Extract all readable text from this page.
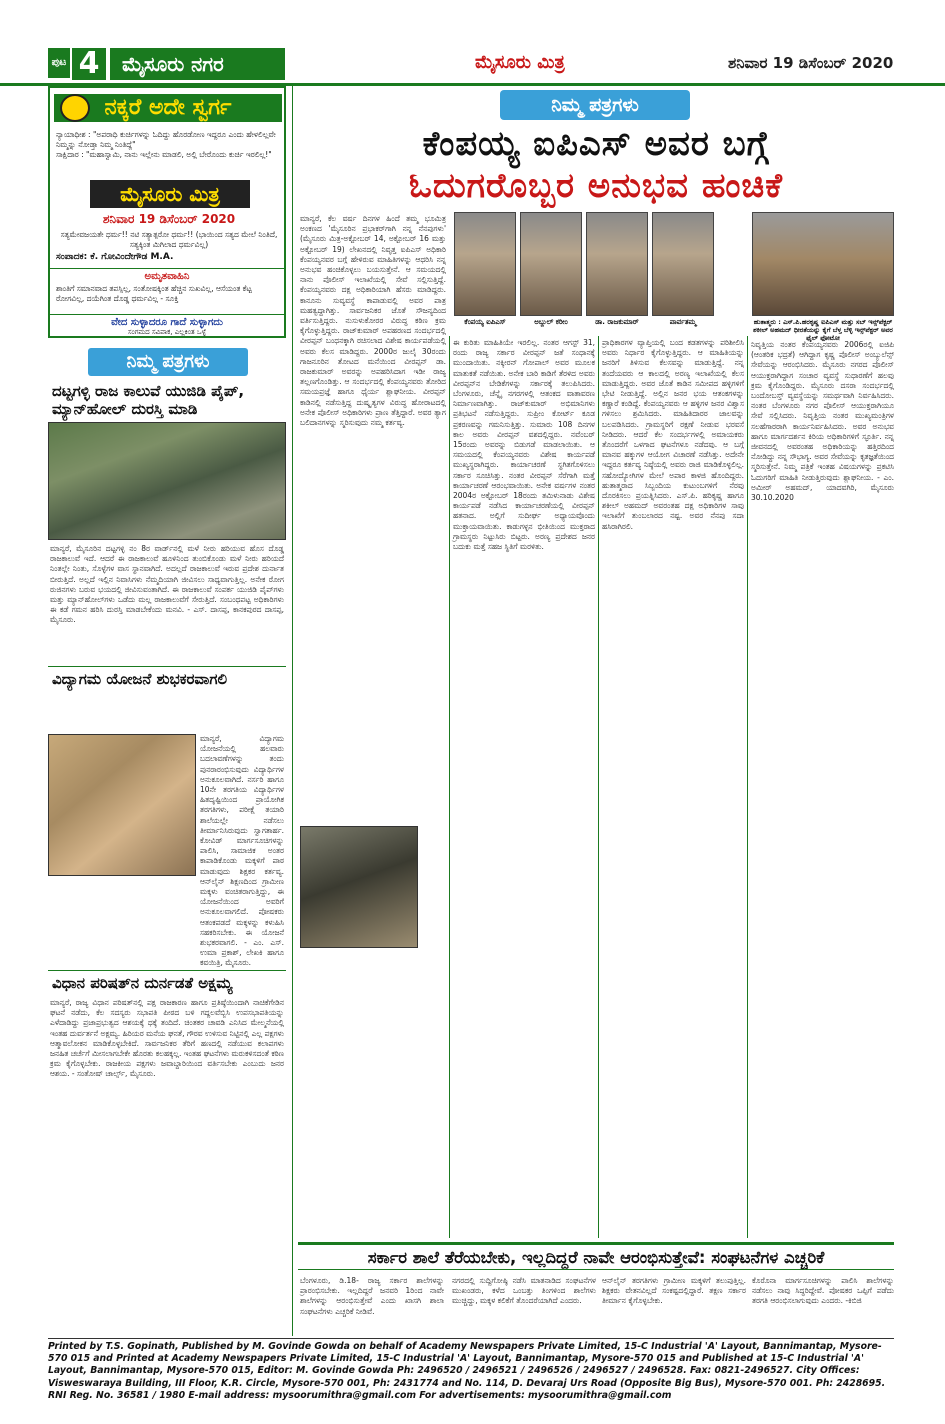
ಪುಟ 4	ಮೈಸೂರು ನಗರ	ಮೈಸೂರು ಮಿತ್ರ	ಶನಿವಾರ 19 ಡಿಸೆಂಬರ್ 2020
ನಕ್ಕರೆ ಅದೇ ಸ್ವರ್ಗ
ನ್ಯಾಯಾಧೀಶ : "ಅಪರಾಧಿ ಕುರ್ಚಿಗಳನ್ನು ಓದಿದ್ದು ಹೊರಡೋಣ ಇದ್ದರೂ ಎಂದು ಹೇಳಲಿಲ್ಲವೇ ನಿಮ್ಮನ್ನು ನೋಡ್ತಾ ನಿಮ್ಮ ನಿಂತಿದ್ದೆ"
ಸಾಕ್ಷಿದಾರ : "ಮಹಾಸ್ವಾಮಿ, ನಾನು ಇಲ್ಲೇನು ಮಾಡಲಿ, ಅಲ್ಲಿ ಬೇರೊಂದು ಕುರ್ಚಿ ಇರಲಿಲ್ಲ!"
ಮೈಸೂರು ಮಿತ್ರ
ಶನಿವಾರ 19 ಡಿಸೆಂಬರ್ 2020
ಸತ್ಯಮೇವಜಯತೇ ಧರ್ಮ!! ನಟಿ ಸತ್ಯಾತ್ಪರೋ ಧರ್ಮ!! (ಭಾಯಿಂದ ಸತ್ಯದ ಮೇಲೆ ನಿಂತಿದೆ, ಸತ್ಯಕ್ಕಿಂತ ಮಿಗಿಲಾದ ಧರ್ಮವಿಲ್ಲ)
ಸಂಪಾದಕ: ಕೆ. ಗೋವಿಂದೇಗೌಡ M.A.
ಅಮೃತವಾಹಿನಿ
ಶಾಂತಿಗೆ ಸಮಾನವಾದ ತಪಸ್ಸಿಲ್ಲ, ಸಂತೋಷಕ್ಕಿಂತ ಹೆಚ್ಚಿನ ಸುಖವಿಲ್ಲ, ಆಸೆಯಂತ ಕೆಟ್ಟ ರೋಗವಿಲ್ಲ, ದಯೆಗಿಂತ ದೊಡ್ಡ ಧರ್ಮವಿಲ್ಲ - ಸೂಕ್ತಿ
ವೇದ ಸುಳ್ಳಾದರೂ ಗಾದೆ ಸುಳ್ಳಾಗದು
ಸಂಗಮದ ಸವಿಪಾಕ, ಎಲ್ಲಕಿಂತ ಒಳ್ಳೆ
ನಿಮ್ಮ ಪತ್ರಗಳು
ದಟ್ಟಗಳ್ಳಿ ರಾಜ ಕಾಲುವೆ ಯುಜಿಡಿ ಪೈಪ್, ಮ್ಯಾನ್‌ಹೋಲ್ ದುರಸ್ತಿ ಮಾಡಿ
ಮಾನ್ಯರೆ, ಮೈಸೂರಿನ ದಟ್ಟಗಳ್ಳಿ ನಂ 8ರ ವಾರ್ಡ್‌ನಲ್ಲಿ ಮಳೆ ನೀರು ಹರಿಯುವ ಹೊಸ ದೊಡ್ಡ ರಾಜಕಾಲುವೆ ಇದೆ. ಆದರೆ ಈ ರಾಜಕಾಲುವೆ ಹೂಳಿನಿಂದ ತುಂಬಿಕೊಂಡು ಮಳೆ ನೀರು ಹರಿಯದೆ ನಿಂತಲ್ಲೇ ನಿಂತು, ಸೊಳ್ಳೆಗಳ ವಾಸ ಸ್ಥಾನವಾಗಿದೆ. ಅದಲ್ಲದೆ ರಾಜಕಾಲುವೆ ಇರುವ ಪ್ರದೇಶ ದುರ್ನಾತ ಬೀರುತ್ತಿದೆ. ಅಲ್ಲದೆ ಇಲ್ಲಿನ ನಿವಾಸಿಗಳು ನೆಮ್ಮದಿಯಾಗಿ ಜೀವಿಸಲು ಸಾಧ್ಯವಾಗುತ್ತಿಲ್ಲ. ಅನೇಕ ರೋಗ ರುಜಿನಗಳು ಬರುವ ಭಯದಲ್ಲಿ ಜೀವಿಸುವಂತಾಗಿದೆ. ಈ ರಾಜಕಾಲುವೆ ಸಂಪರ್ಕ ಯುಜಿಡಿ ಪೈಪ್‌ಗಳು ಮತ್ತು ಮ್ಯಾನ್‌ಹೋಲ್‌ಗಳು ಒಡೆದು ಮಲ್ಲ ರಾಜಕಾಲುವೆಗೆ ಸೇರುತ್ತಿದೆ. ಸಂಬಂಧಪಟ್ಟ ಅಧಿಕಾರಿಗಳು ಈ ಕಡೆ ಗಮನ ಹರಿಸಿ ದುರಸ್ತಿ ಮಾಡಬೇಕೆಂದು ಮನವಿ. - ಎಸ್. ದಾಸಪ್ಪ, ಕಾನಕಪುರದ ದಾಸಪ್ಪ, ಮೈಸೂರು.
ವಿದ್ಯಾಗಮ ಯೋಜನೆ ಶುಭಕರವಾಗಲಿ
ಮಾನ್ಯರೆ, ವಿದ್ಯಾಗಮ ಯೋಜನೆಯಲ್ಲಿ ಹಲವಾರು ಬದಲಾವಣೆಗಳನ್ನು ತಂದು ಪುನರಾರಂಭಿಸುವುದು ವಿದ್ಯಾರ್ಥಿಗಳ ಅನುಕೂಲವಾಗಿದೆ. ನರ್ಸರಿ ಹಾಗೂ 10ನೇ ತರಗತಿಯ ವಿದ್ಯಾರ್ಥಿಗಳ ಹಿತದೃಷ್ಟಿಯಿಂದ ಪ್ರಾಯೋಗಿಕ ತರಗತಿಗಳು, ಪರೀಕ್ಷೆ ತಯಾರಿ ಶಾಲೆಯಲ್ಲೇ ನಡೆಸಲು ತೀರ್ಮಾನಿಸಿರುವುದು ಸ್ವಾಗತಾರ್ಹ. ಕೋವಿಡ್ ಮಾರ್ಗಸೂಚಿಗಳನ್ನು ಪಾಲಿಸಿ, ಸಾಮಾಜಿಕ ಅಂತರ ಕಾಪಾಡಿಕೊಂಡು ಮಕ್ಕಳಿಗೆ ಪಾಠ ಮಾಡುವುದು ಶಿಕ್ಷಕರ ಕರ್ತವ್ಯ. ಆನ್‌ಲೈನ್ ಶಿಕ್ಷಣದಿಂದ ಗ್ರಾಮೀಣ ಮಕ್ಕಳು ವಂಚಿತರಾಗುತ್ತಿದ್ದು, ಈ ಯೋಜನೆಯಿಂದ ಅವರಿಗೆ ಅನುಕೂಲವಾಗಲಿದೆ. ಪೋಷಕರು ಆತಂಕಪಡದೆ ಮಕ್ಕಳನ್ನು ಕಳುಹಿಸಿ ಸಹಕರಿಸಬೇಕು. ಈ ಯೋಜನೆ ಶುಭಕರವಾಗಲಿ. - ಎಂ. ಎಸ್. ಉಮಾ ಪ್ರಕಾಶ್, ಲೇಖಕಿ ಹಾಗೂ ಕವಯಿತ್ರಿ, ಮೈಸೂರು.
ವಿಧಾನ ಪರಿಷತ್‌ನ ದುರ್ನಡತೆ ಅಕ್ಷಮ್ಯ
ಮಾನ್ಯರೆ, ರಾಜ್ಯ ವಿಧಾನ ಪರಿಷತ್‌ನಲ್ಲಿ ಪಕ್ಷ ರಾಜಕಾರಣ ಹಾಗೂ ಪ್ರತಿಷ್ಠೆಯಿಂದಾಗಿ ನಾಚಿಕೆಗೇಡಿನ ಘಟನೆ ನಡೆದು, ಕೆಲ ಸದಸ್ಯರು ಸಭಾಪತಿ ಪೀಠದ ಬಳಿ ಗದ್ದಲವೆಬ್ಬಿಸಿ ಉಪಸಭಾಪತಿಯನ್ನು ಎಳೆದಾಡಿದ್ದು ಪ್ರಜಾಪ್ರಭುತ್ವದ ಆಶಯಕ್ಕೆ ಧಕ್ಕೆ ತಂದಿದೆ. ಚಿಂತಕರ ಚಾವಡಿ ಎನಿಸಿದ ಮೇಲ್ಮನೆಯಲ್ಲಿ ಇಂತಹ ದುರ್ವರ್ತನೆ ಅಕ್ಷಮ್ಯ. ಹಿರಿಯರ ಮನೆಯ ಘನತೆ, ಗೌರವ ಉಳಿಸುವ ನಿಟ್ಟಿನಲ್ಲಿ ಎಲ್ಲ ಪಕ್ಷಗಳು ಆತ್ಮಾವಲೋಕನ ಮಾಡಿಕೊಳ್ಳಬೇಕಿದೆ. ಸಾರ್ವಜನಿಕರ ತೆರಿಗೆ ಹಣದಲ್ಲಿ ನಡೆಯುವ ಕಲಾಪಗಳು ಜನಹಿತ ಚರ್ಚೆಗೆ ಮೀಸಲಾಗಬೇಕೇ ಹೊರತು ಕಲಹಕ್ಕಲ್ಲ. ಇಂತಹ ಘಟನೆಗಳು ಮರುಕಳಿಸದಂತೆ ಕಠಿಣ ಕ್ರಮ ಕೈಗೊಳ್ಳಬೇಕು. ರಾಜಕೀಯ ಪಕ್ಷಗಳು ಜವಾಬ್ದಾರಿಯಿಂದ ವರ್ತಿಸಬೇಕು ಎಂಬುದು ಜನರ ಆಶಯ. - ಸಂತೋಷ್ ಚಾರ್ಲ್ಸ್, ಮೈಸೂರು.
ನಿಮ್ಮ ಪತ್ರಗಳು
ಕೆಂಪಯ್ಯ ಐಪಿಎಸ್ ಅವರ ಬಗ್ಗೆ
ಓದುಗರೊಬ್ಬರ ಅನುಭವ ಹಂಚಿಕೆ
ಕೆಂಪಯ್ಯ ಐಪಿಎಸ್	ಅಬ್ದುಲ್ ಕರೀಂ	ಡಾ. ರಾಜಕುಮಾರ್	ಪಾರ್ವತಮ್ಮ	ಹುತಾತ್ಮರು : ಎಸ್.ಪಿ.ಹರಕೃಷ್ಣ ಐಪಿಎಸ್ ಮತ್ತು ಸಬ್ ಇನ್ಸ್‌ಪೆಕ್ಟರ್ ಶಕೀಲ್ ಅಹಮದ್ ಧೀರತೆಯನ್ನು ಕೈಗೆ ಬೆಳ್ತ ಬೆಳ್ಳಿ ಇನ್ಸ್‌ಪೆಕ್ಟರ್ ಅವರ ಫೈಲ್ ಫೋಟೋ
ಮಾನ್ಯರೆ, ಕೆಲ ವರ್ಷ ದಿನಗಳ ಹಿಂದೆ ತಮ್ಮ ಭೂಮಿತ್ರ ಅಂಕಣದ 'ಮೈಸೂರಿನ ಪ್ರಭಾಕರ್‌ಗಾಗಿ ನನ್ನ ನೆನಪುಗಳು' (ಮೈಸೂರು ಮಿತ್ರ-ಅಕ್ಟೋಬರ್ 14, ಅಕ್ಟೋಬರ್ 16 ಮತ್ತು ಅಕ್ಟೋಬರ್ 19) ಲೇಖನದಲ್ಲಿ ನಿವೃತ್ತ ಐಪಿಎಸ್ ಅಧಿಕಾರಿ ಕೆಂಪಯ್ಯನವರ ಬಗ್ಗೆ ಹೇಳಿರುವ ಮಾಹಿತಿಗಳನ್ನು ಆಧರಿಸಿ ನನ್ನ ಅನುಭವ ಹಂಚಿಕೊಳ್ಳಲು ಬಯಸುತ್ತೇನೆ. ಆ ಸಮಯದಲ್ಲಿ ನಾನು ಪೊಲೀಸ್ ಇಲಾಖೆಯಲ್ಲಿ ಸೇವೆ ಸಲ್ಲಿಸುತ್ತಿದ್ದೆ. ಕೆಂಪಯ್ಯನವರು ದಕ್ಷ ಅಧಿಕಾರಿಯಾಗಿ ಹೆಸರು ಮಾಡಿದ್ದರು. ಕಾನೂನು ಸುವ್ಯವಸ್ಥೆ ಕಾಪಾಡುವಲ್ಲಿ ಅವರ ಪಾತ್ರ ಮಹತ್ವದ್ದಾಗಿತ್ತು. ಸಾರ್ವಜನಿಕರ ಜೊತೆ ಸೌಜನ್ಯದಿಂದ ವರ್ತಿಸುತ್ತಿದ್ದರು. ನುಸುಳುಕೋರರ ವಿರುದ್ಧ ಕಠಿಣ ಕ್ರಮ ಕೈಗೊಳ್ಳುತ್ತಿದ್ದರು. ರಾಜ್‌ಕುಮಾರ್ ಅಪಹರಣದ ಸಂದರ್ಭದಲ್ಲಿ ವೀರಪ್ಪನ್ ಬಂಧನಕ್ಕಾಗಿ ರಚಿಸಲಾದ ವಿಶೇಷ ಕಾರ್ಯಪಡೆಯಲ್ಲಿ ಅವರು ಕೆಲಸ ಮಾಡಿದ್ದರು. 2000ರ ಜುಲೈ 30ರಂದು ಗಾಜನೂರಿನ ತೋಟದ ಮನೆಯಿಂದ ವೀರಪ್ಪನ್ ಡಾ. ರಾಜಕುಮಾರ್ ಅವರನ್ನು ಅಪಹರಿಸಿದಾಗ ಇಡೀ ರಾಜ್ಯ ತಲ್ಲಣಗೊಂಡಿತ್ತು. ಆ ಸಂದರ್ಭದಲ್ಲಿ ಕೆಂಪಯ್ಯನವರು ತೋರಿದ ಸಮಯಪ್ರಜ್ಞೆ ಹಾಗೂ ಧೈರ್ಯ ಶ್ಲಾಘನೀಯ. ವೀರಪ್ಪನ್ ಕಾಡಿನಲ್ಲಿ ನಡೆಸುತ್ತಿದ್ದ ದುಷ್ಕೃತ್ಯಗಳ ವಿರುದ್ಧ ಹೋರಾಟದಲ್ಲಿ ಅನೇಕ ಪೊಲೀಸ್ ಅಧಿಕಾರಿಗಳು ಪ್ರಾಣ ತೆತ್ತಿದ್ದಾರೆ. ಅವರ ತ್ಯಾಗ ಬಲಿದಾನಗಳನ್ನು ಸ್ಮರಿಸುವುದು ನಮ್ಮ ಕರ್ತವ್ಯ.
ಈ ಕುರಿತು ಮಾಹಿತಿಯೇ ಇರಲಿಲ್ಲ. ನಂತರ ಆಗಸ್ಟ್ 31, ರಂದು ರಾಜ್ಯ ಸರ್ಕಾರ ವೀರಪ್ಪನ್ ಜತೆ ಸಂಧಾನಕ್ಕೆ ಮುಂದಾಯಿತು. ನಕ್ಕೀರನ್ ಗೋಪಾಲ್ ಅವರ ಮೂಲಕ ಮಾತುಕತೆ ನಡೆಯಿತು. ಅನೇಕ ಬಾರಿ ಕಾಡಿಗೆ ತೆರಳಿದ ಅವರು ವೀರಪ್ಪನ್‌ನ ಬೇಡಿಕೆಗಳನ್ನು ಸರ್ಕಾರಕ್ಕೆ ತಲುಪಿಸಿದರು. ಬೆಂಗಳೂರು, ಚೆನ್ನೈ ನಗರಗಳಲ್ಲಿ ಆತಂಕದ ವಾತಾವರಣ ನಿರ್ಮಾಣವಾಗಿತ್ತು. ರಾಜ್‌ಕುಮಾರ್ ಅಭಿಮಾನಿಗಳು ಪ್ರತಿಭಟನೆ ನಡೆಸುತ್ತಿದ್ದರು. ಸುಪ್ರೀಂ ಕೋರ್ಟ್ ಕೂಡ ಪ್ರಕರಣವನ್ನು ಗಮನಿಸುತ್ತಿತ್ತು. ಸುಮಾರು 108 ದಿನಗಳ ಕಾಲ ಅವರು ವೀರಪ್ಪನ್ ವಶದಲ್ಲಿದ್ದರು. ನವೆಂಬರ್ 15ರಂದು ಅವರನ್ನು ಬಿಡುಗಡೆ ಮಾಡಲಾಯಿತು. ಆ ಸಮಯದಲ್ಲಿ ಕೆಂಪಯ್ಯನವರು ವಿಶೇಷ ಕಾರ್ಯಪಡೆ ಮುಖ್ಯಸ್ಥರಾಗಿದ್ದರು. ಕಾರ್ಯಾಚರಣೆ ಸ್ಥಗಿತಗೊಳಿಸಲು ಸರ್ಕಾರ ಸೂಚಿಸಿತ್ತು. ನಂತರ ವೀರಪ್ಪನ್ ಸೆರೆಗಾಗಿ ಮತ್ತೆ ಕಾರ್ಯಾಚರಣೆ ಆರಂಭವಾಯಿತು. ಅನೇಕ ವರ್ಷಗಳ ನಂತರ 2004ರ ಅಕ್ಟೋಬರ್ 18ರಂದು ತಮಿಳುನಾಡು ವಿಶೇಷ ಕಾರ್ಯಪಡೆ ನಡೆಸಿದ ಕಾರ್ಯಾಚರಣೆಯಲ್ಲಿ ವೀರಪ್ಪನ್ ಹತನಾದ. ಅಲ್ಲಿಗೆ ಸುದೀರ್ಘ ಅಧ್ಯಾಯವೊಂದು ಮುಕ್ತಾಯವಾಯಿತು. ಕಾಡುಗಳ್ಳನ ಭೀತಿಯಿಂದ ಮುಕ್ತರಾದ ಗ್ರಾಮಸ್ಥರು ನಿಟ್ಟುಸಿರು ಬಿಟ್ಟರು. ಅರಣ್ಯ ಪ್ರದೇಶದ ಜನರ ಬದುಕು ಮತ್ತೆ ಸಹಜ ಸ್ಥಿತಿಗೆ ಮರಳಿತು.
ಪ್ರಾಧಿಕಾರಗಳ ವ್ಯಾಪ್ತಿಯಲ್ಲಿ ಬಂದ ಕಡತಗಳನ್ನು ಪರಿಶೀಲಿಸಿ ಅವರು ನಿರ್ಧಾರ ಕೈಗೊಳ್ಳುತ್ತಿದ್ದರು. ಆ ಮಾಹಿತಿಯನ್ನು ಜನರಿಗೆ ತಿಳಿಸುವ ಕೆಲಸವನ್ನು ಮಾಡುತ್ತಿದ್ದೆ. ನನ್ನ ತಂದೆಯವರು ಆ ಕಾಲದಲ್ಲಿ ಅರಣ್ಯ ಇಲಾಖೆಯಲ್ಲಿ ಕೆಲಸ ಮಾಡುತ್ತಿದ್ದರು. ಅವರ ಜೊತೆ ಕಾಡಿನ ಸಮೀಪದ ಹಳ್ಳಿಗಳಿಗೆ ಭೇಟಿ ನೀಡುತ್ತಿದ್ದೆ. ಅಲ್ಲಿನ ಜನರ ಭಯ ಆತಂಕಗಳನ್ನು ಕಣ್ಣಾರೆ ಕಂಡಿದ್ದೆ. ಕೆಂಪಯ್ಯನವರು ಆ ಹಳ್ಳಿಗಳ ಜನರ ವಿಶ್ವಾಸ ಗಳಿಸಲು ಶ್ರಮಿಸಿದರು. ಮಾಹಿತಿದಾರರ ಜಾಲವನ್ನು ಬಲಪಡಿಸಿದರು. ಗ್ರಾಮಸ್ಥರಿಗೆ ರಕ್ಷಣೆ ನೀಡುವ ಭರವಸೆ ನೀಡಿದರು. ಆದರೆ ಕೆಲ ಸಂದರ್ಭಗಳಲ್ಲಿ ಅಮಾಯಕರು ತೊಂದರೆಗೆ ಒಳಗಾದ ಘಟನೆಗಳೂ ನಡೆದವು. ಆ ಬಗ್ಗೆ ಮಾನವ ಹಕ್ಕುಗಳ ಆಯೋಗ ವಿಚಾರಣೆ ನಡೆಸಿತ್ತು. ಅದೇನೇ ಇದ್ದರೂ ಕರ್ತವ್ಯ ನಿಷ್ಠೆಯಲ್ಲಿ ಅವರು ರಾಜಿ ಮಾಡಿಕೊಳ್ಳಲಿಲ್ಲ. ಸಹೋದ್ಯೋಗಿಗಳ ಮೇಲೆ ಅಪಾರ ಕಾಳಜಿ ಹೊಂದಿದ್ದರು. ಹುತಾತ್ಮರಾದ ಸಿಬ್ಬಂದಿಯ ಕುಟುಂಬಗಳಿಗೆ ನೆರವು ದೊರಕಿಸಲು ಪ್ರಯತ್ನಿಸಿದರು. ಎಸ್.ಪಿ. ಹರಿಕೃಷ್ಣ ಹಾಗೂ ಶಕೀಲ್ ಅಹಮದ್ ಅವರಂತಹ ದಕ್ಷ ಅಧಿಕಾರಿಗಳ ಸಾವು ಇಲಾಖೆಗೆ ತುಂಬಲಾರದ ನಷ್ಟ. ಅವರ ನೆನಪು ಸದಾ ಹಸಿರಾಗಿರಲಿ.
ನಿವೃತ್ತಿಯ ನಂತರ ಕೆಂಪಯ್ಯನವರು 2006ರಲ್ಲಿ ಐಜಿಪಿ (ಆಂತರಿಕ ಭದ್ರತೆ) ಆಗಿದ್ದಾಗ ಕೃಷ್ಣ ಪೊಲೀಸ್ ಅಂಬ್ಯುಲೆನ್ಸ್ ಸೇವೆಯನ್ನು ಆರಂಭಿಸಿದರು. ಮೈಸೂರು ನಗರದ ಪೊಲೀಸ್ ಆಯುಕ್ತರಾಗಿದ್ದಾಗ ಸಂಚಾರ ವ್ಯವಸ್ಥೆ ಸುಧಾರಣೆಗೆ ಹಲವು ಕ್ರಮ ಕೈಗೊಂಡಿದ್ದರು. ಮೈಸೂರು ದಸರಾ ಸಂದರ್ಭದಲ್ಲಿ ಬಂದೋಬಸ್ತ್ ವ್ಯವಸ್ಥೆಯನ್ನು ಸಮರ್ಥವಾಗಿ ನಿರ್ವಹಿಸಿದರು. ನಂತರ ಬೆಂಗಳೂರು ನಗರ ಪೊಲೀಸ್ ಆಯುಕ್ತರಾಗಿಯೂ ಸೇವೆ ಸಲ್ಲಿಸಿದರು. ನಿವೃತ್ತಿಯ ನಂತರ ಮುಖ್ಯಮಂತ್ರಿಗಳ ಸಲಹೆಗಾರರಾಗಿ ಕಾರ್ಯನಿರ್ವಹಿಸಿದರು. ಅವರ ಅನುಭವ ಹಾಗೂ ಮಾರ್ಗದರ್ಶನ ಕಿರಿಯ ಅಧಿಕಾರಿಗಳಿಗೆ ಸ್ಫೂರ್ತಿ. ನನ್ನ ಜೀವನದಲ್ಲಿ ಅವರಂತಹ ಅಧಿಕಾರಿಯನ್ನು ಹತ್ತಿರದಿಂದ ನೋಡಿದ್ದು ನನ್ನ ಸೌಭಾಗ್ಯ. ಅವರ ಸೇವೆಯನ್ನು ಕೃತಜ್ಞತೆಯಿಂದ ಸ್ಮರಿಸುತ್ತೇನೆ. ನಿಮ್ಮ ಪತ್ರಿಕೆ ಇಂತಹ ವಿಷಯಗಳನ್ನು ಪ್ರಕಟಿಸಿ ಓದುಗರಿಗೆ ಮಾಹಿತಿ ನೀಡುತ್ತಿರುವುದು ಶ್ಲಾಘನೀಯ. - ಎಂ. ಅಮೀರ್ ಅಹಮದ್, ಯಾದವಗಿರಿ, ಮೈಸೂರು 30.10.2020
ಸರ್ಕಾರ ಶಾಲೆ ತೆರೆಯಬೇಕು, ಇಲ್ಲದಿದ್ದರೆ ನಾವೇ ಆರಂಭಿಸುತ್ತೇವೆ: ಸಂಘಟನೆಗಳ ಎಚ್ಚರಿಕೆ
ಬೆಂಗಳೂರು, ಡಿ.18- ರಾಜ್ಯ ಸರ್ಕಾರ ಶಾಲೆಗಳನ್ನು ಪ್ರಾರಂಭಿಸಬೇಕು. ಇಲ್ಲದಿದ್ದರೆ ಜನವರಿ 1ರಿಂದ ನಾವೇ ಶಾಲೆಗಳನ್ನು ಆರಂಭಿಸುತ್ತೇವೆ ಎಂದು ಖಾಸಗಿ ಶಾಲಾ ಸಂಘಟನೆಗಳು ಎಚ್ಚರಿಕೆ ನೀಡಿವೆ.
ನಗರದಲ್ಲಿ ಸುದ್ದಿಗೋಷ್ಠಿ ನಡೆಸಿ ಮಾತನಾಡಿದ ಸಂಘಟನೆಗಳ ಮುಖಂಡರು, ಕಳೆದ ಒಂಬತ್ತು ತಿಂಗಳಿಂದ ಶಾಲೆಗಳು ಮುಚ್ಚಿದ್ದು, ಮಕ್ಕಳ ಕಲಿಕೆಗೆ ತೊಂದರೆಯಾಗಿದೆ ಎಂದರು.
ಆನ್‌ಲೈನ್ ತರಗತಿಗಳು ಗ್ರಾಮೀಣ ಮಕ್ಕಳಿಗೆ ತಲುಪುತ್ತಿಲ್ಲ. ಶಿಕ್ಷಕರು ವೇತನವಿಲ್ಲದೆ ಸಂಕಷ್ಟದಲ್ಲಿದ್ದಾರೆ. ತಕ್ಷಣ ಸರ್ಕಾರ ತೀರ್ಮಾನ ಕೈಗೊಳ್ಳಬೇಕು.
ಕೊರೊನಾ ಮಾರ್ಗಸೂಚಿಗಳನ್ನು ಪಾಲಿಸಿ ಶಾಲೆಗಳನ್ನು ನಡೆಸಲು ನಾವು ಸಿದ್ಧರಿದ್ದೇವೆ. ಪೋಷಕರ ಒಪ್ಪಿಗೆ ಪಡೆದು ತರಗತಿ ಆರಂಭಿಸಲಾಗುವುದು ಎಂದರು. -ಕಿಬಿಜಿ
Printed by T.S. Gopinath, Published by M. Govinde Gowda on behalf of Academy Newspapers Private Limited, 15-C Industrial 'A' Layout, Bannimantap, Mysore-570 015 and Printed at Academy Newspapers Private Limited, 15-C Industrial 'A' Layout, Bannimantap, Mysore-570 015 and Published at 15-C Industrial 'A' Layout, Bannimantap, Mysore-570 015, Editor: M. Govinde Gowda Ph: 2496520 / 2496521 / 2496526 / 2496527 / 2496528. Fax: 0821-2496527. City Offices: Visweswaraya Building, III Floor, K.R. Circle, Mysore-570 001, Ph: 2431774 and No. 114, D. Devaraj Urs Road (Opposite Big Bus), Mysore-570 001. Ph: 2428695. RNI Reg. No. 36581 / 1980 E-mail address: mysoorumithra@gmail.com For advertisements: mysoorumithra@gmail.com
